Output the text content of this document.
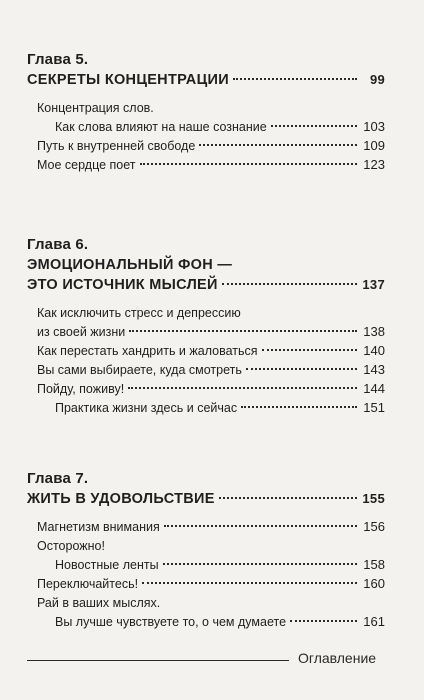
Глава 5.
СЕКРЕТЫ КОНЦЕНТРАЦИИ	99
Концентрация слов.
Как слова влияют на наше сознание	103
Путь к внутренней свободе	109
Мое сердце поет	123
Глава 6.
ЭМОЦИОНАЛЬНЫЙ ФОН —
ЭТО ИСТОЧНИК МЫСЛЕЙ	137
Как исключить стресс и депрессию
из своей жизни	138
Как перестать хандрить и жаловаться	140
Вы сами выбираете, куда смотреть	143
Пойду, поживу!	144
Практика жизни здесь и сейчас	151
Глава 7.
ЖИТЬ В УДОВОЛЬСТВИЕ	155
Магнетизм внимания	156
Осторожно!
Новостные ленты	158
Переключайтесь!	160
Рай в ваших мыслях.
Вы лучше чувствуете то, о чем думаете	161
Оглавление
